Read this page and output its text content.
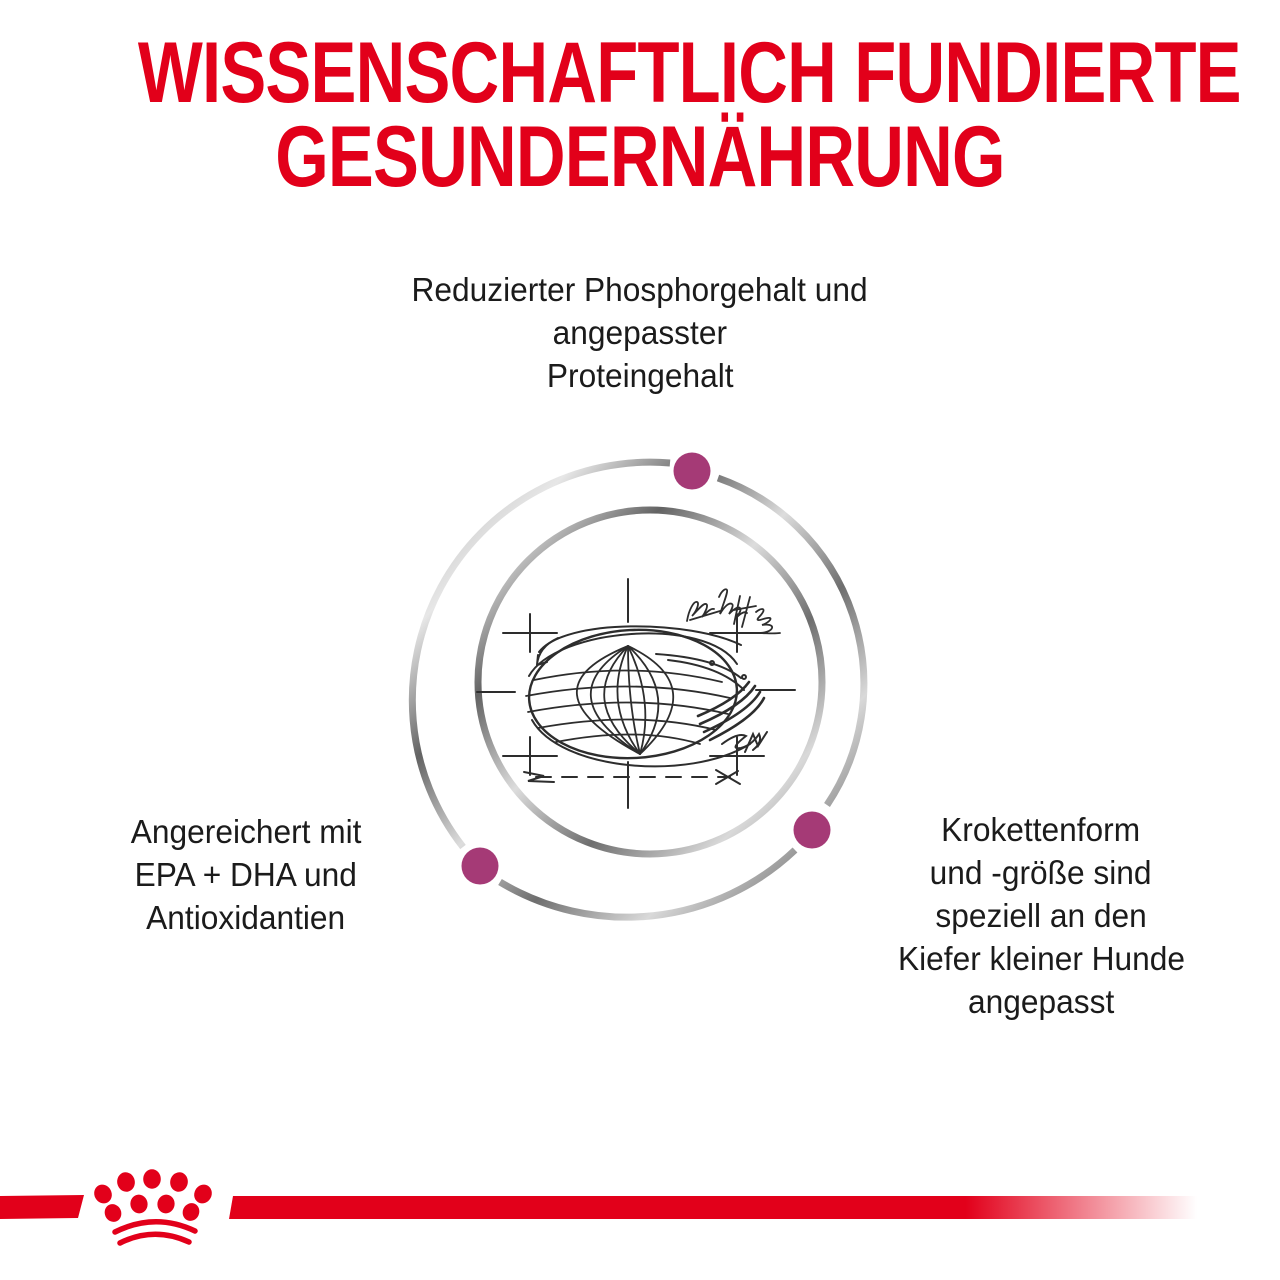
WISSENSCHAFTLICH FUNDIERTE
GESUNDERNÄHRUNG
Reduzierter Phosphorgehalt und
angepasster
Proteingehalt
Angereichert mit
EPA + DHA und
Antioxidantien
Krokettenform
und -größe sind
speziell an den
Kiefer kleiner Hunde
angepasst
